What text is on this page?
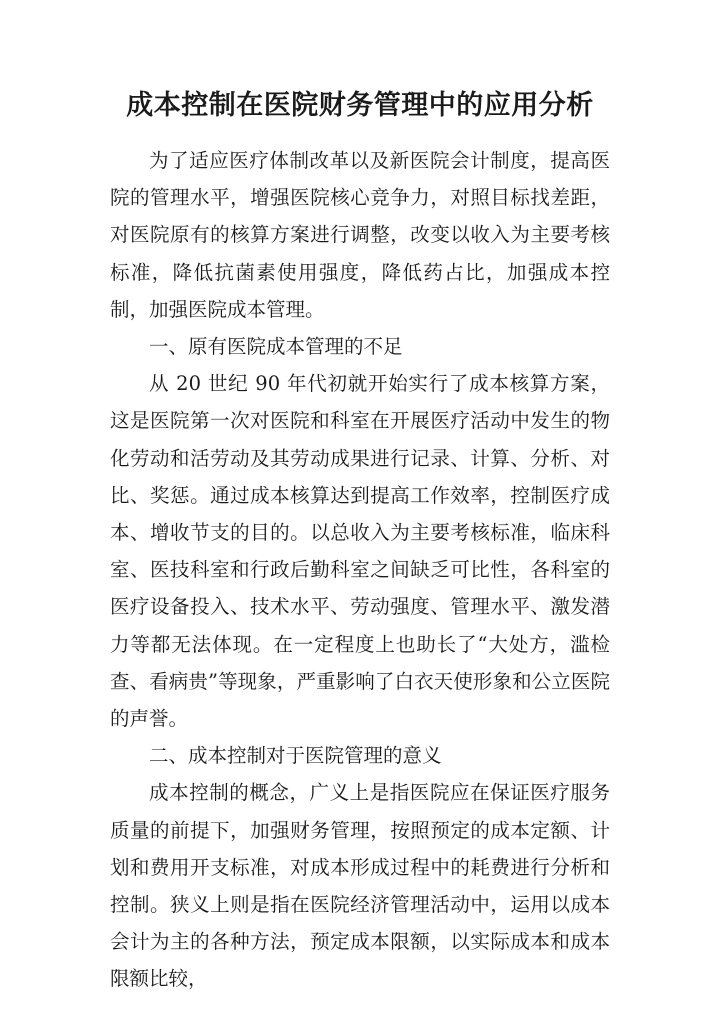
成本控制在医院财务管理中的应用分析

为了适应医疗体制改革以及新医院会计制度，提高医院的管理水平，增强医院核心竞争力，对照目标找差距，对医院原有的核算方案进行调整，改变以收入为主要考核标准，降低抗菌素使用强度，降低药占比，加强成本控制，加强医院成本管理。

一、原有医院成本管理的不足

从 20 世纪 90 年代初就开始实行了成本核算方案， 这是医院第一次对医院和科室在开展医疗活动中发生的物化劳动和活劳动及其劳动成果进行记录、计算、分析、对比、奖惩。通过成本核算达到提高工作效率，控制医疗成本、增收节支的目的。以总收入为主要考核标准，临床科室、医技科室和行政后勤科室之间缺乏可比性，各科室的医疗设备投入、技术水平、劳动强度、管理水平、激发潜力等都无法体现。在一定程度上也助长了“大处方，滥检查、看病贵”等现象，严重影响了白衣天使形象和公立医院的声誉。

二、成本控制对于医院管理的意义

成本控制的概念，广义上是指医院应在保证医疗服务质量的前提下，加强财务管理，按照预定的成本定额、计划和费用开支标准，对成本形成过程中的耗费进行分析和控制。狭义上则是指在医院经济管理活动中，运用以成本会计为主的各种方法，预定成本限额，以实际成本和成本限额比较，
